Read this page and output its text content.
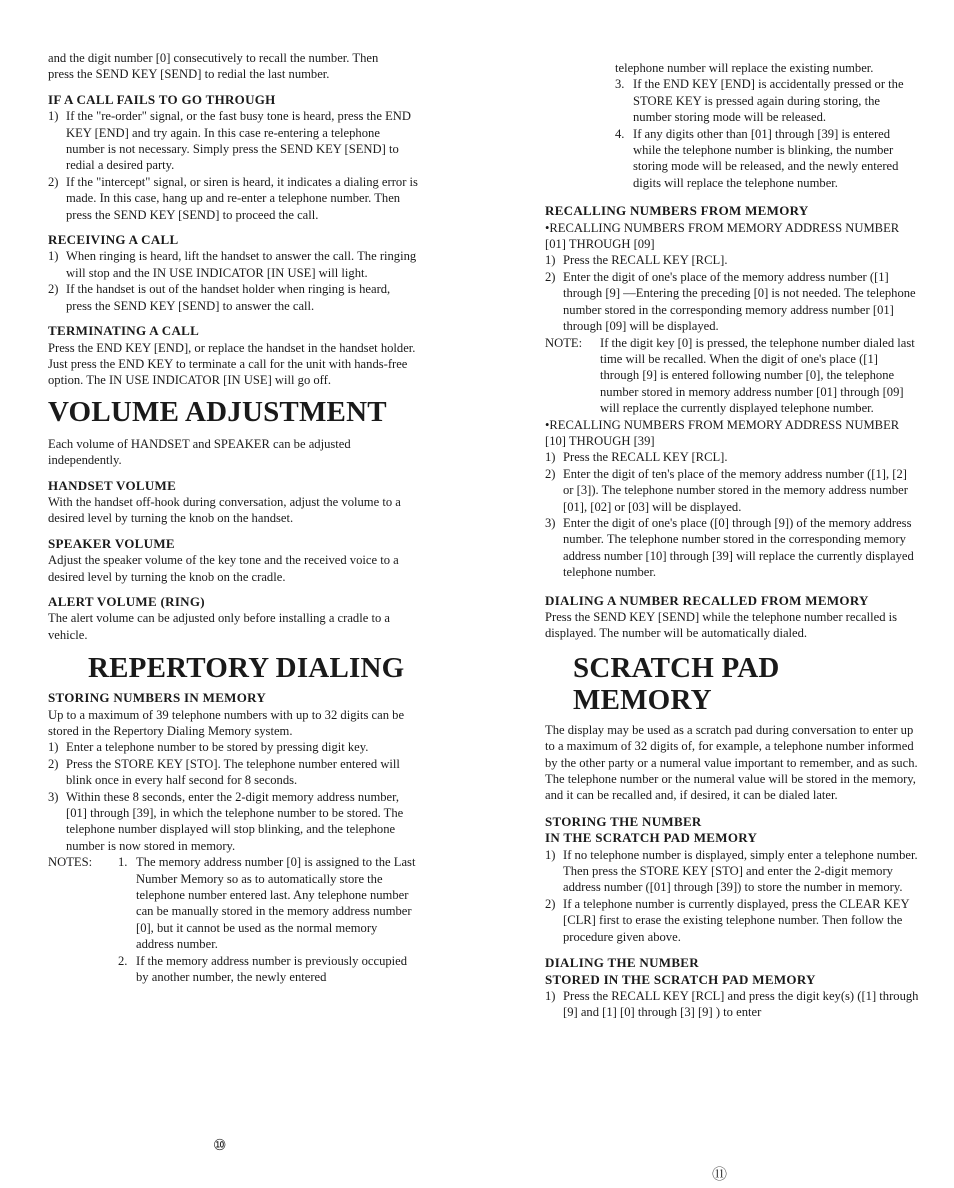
and the digit number [0] consecutively to recall the number. Then press the SEND KEY [SEND] to redial the last number.

IF A CALL FAILS TO GO THROUGH

1) If the "re-order" signal, or the fast busy tone is heard, press the END KEY [END] and try again. In this case re-entering a telephone number is not necessary. Simply press the SEND KEY [SEND] to redial a desired party.
2) If the "intercept" signal, or siren is heard, it indicates a dialing error is made. In this case, hang up and re-enter a telephone number. Then press the SEND KEY [SEND] to proceed the call.

RECEIVING A CALL

1) When ringing is heard, lift the handset to answer the call. The ringing will stop and the IN USE INDICATOR [IN USE] will light.
2) If the handset is out of the handset holder when ringing is heard, press the SEND KEY [SEND] to answer the call.

TERMINATING A CALL

Press the END KEY [END], or replace the handset in the handset holder. Just press the END KEY to terminate a call for the unit with hands-free option. The IN USE INDICATOR [IN USE] will go off.

VOLUME ADJUSTMENT

Each volume of HANDSET and SPEAKER can be adjusted independently.

HANDSET VOLUME

With the handset off-hook during conversation, adjust the volume to a desired level by turning the knob on the handset.

SPEAKER VOLUME

Adjust the speaker volume of the key tone and the received voice to a desired level by turning the knob on the cradle.

ALERT VOLUME (RING)

The alert volume can be adjusted only before installing a cradle to a vehicle.

REPERTORY DIALING

STORING NUMBERS IN MEMORY

Up to a maximum of 39 telephone numbers with up to 32 digits can be stored in the Repertory Dialing Memory system.

1) Enter a telephone number to be stored by pressing digit key.
2) Press the STORE KEY [STO]. The telephone number entered will blink once in every half second for 8 seconds.
3) Within these 8 seconds, enter the 2-digit memory address number, [01] through [39], in which the telephone number to be stored. The telephone number displayed will stop blinking, and the telephone number is now stored in memory.
NOTES: 1. The memory address number [0] is assigned to the Last Number Memory so as to automatically store the telephone number entered last. Any telephone number can be manually stored in the memory address number [0], but it cannot be used as the normal memory address number.
2. If the memory address number is previously occupied by another number, the newly entered
⑩

telephone number will replace the existing number.

3. If the END KEY [END] is accidentally pressed or the STORE KEY is pressed again during storing, the number storing mode will be released.
4. If any digits other than [01] through [39] is entered while the telephone number is blinking, the number storing mode will be released, and the newly entered digits will replace the telephone number.

RECALLING NUMBERS FROM MEMORY

•RECALLING NUMBERS FROM MEMORY ADDRESS NUMBER [01] THROUGH [09]

1) Press the RECALL KEY [RCL].
2) Enter the digit of one's place of the memory address number ([1] through [9] —Entering the preceding [0] is not needed. The telephone number stored in the corresponding memory address number [01] through [09] will be displayed.
NOTE: If the digit key [0] is pressed, the telephone number dialed last time will be recalled. When the digit of one's place ([1] through [9] is entered following number [0], the telephone number stored in memory address number [01] through [09] will replace the currently displayed telephone number.

•RECALLING NUMBERS FROM MEMORY ADDRESS NUMBER [10] THROUGH [39]

1) Press the RECALL KEY [RCL].
2) Enter the digit of ten's place of the memory address number ([1], [2] or [3]). The telephone number stored in the memory address number [01], [02] or [03] will be displayed.
3) Enter the digit of one's place ([0] through [9]) of the memory address number. The telephone number stored in the corresponding memory address number [10] through [39] will replace the currently displayed telephone number.

DIALING A NUMBER RECALLED FROM MEMORY

Press the SEND KEY [SEND] while the telephone number recalled is displayed. The number will be automatically dialed.

SCRATCH PAD MEMORY

The display may be used as a scratch pad during conversation to enter up to a maximum of 32 digits of, for example, a telephone number informed by the other party or a numeral value important to remember, and as such. The telephone number or the numeral value will be stored in the memory, and it can be recalled and, if desired, it can be dialed later.

STORING THE NUMBER

IN THE SCRATCH PAD MEMORY

1) If no telephone number is displayed, simply enter a telephone number. Then press the STORE KEY [STO] and enter the 2-digit memory address number ([01] through [39]) to store the number in memory.
2) If a telephone number is currently displayed, press the CLEAR KEY [CLR] first to erase the existing telephone number. Then follow the procedure given above.

DIALING THE NUMBER

STORED IN THE SCRATCH PAD MEMORY

1) Press the RECALL KEY [RCL] and press the digit key(s) ([1] through [9] and [1] [0] through [3] [9] ) to enter
⑪
